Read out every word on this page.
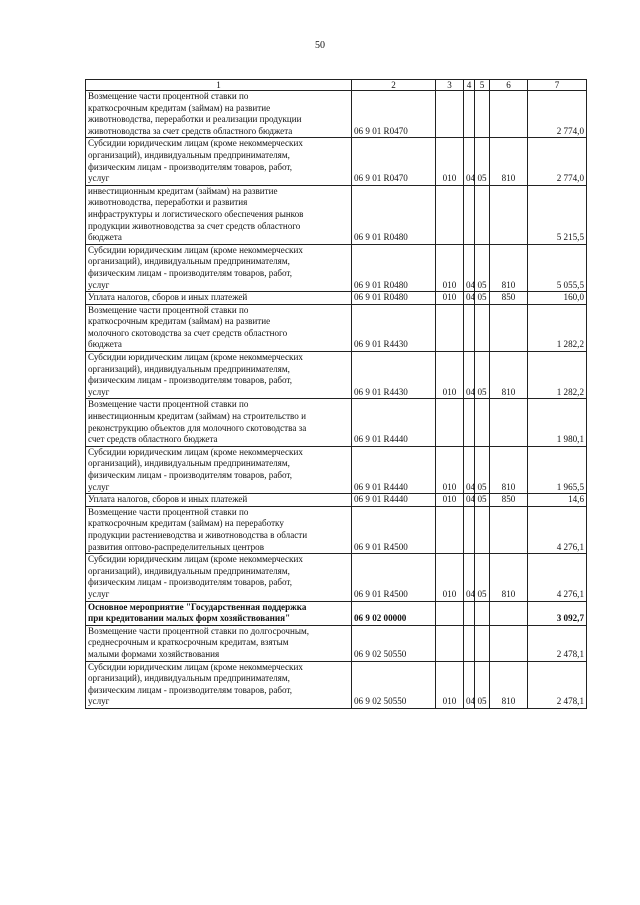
50
1	2	3	4	5	6	7

Возмещение части процентной ставки по
краткосрочным кредитам (займам) на развитие
животноводства, переработки и реализации продукции
животноводства за счет средств областного бюджета	06 9 01 R0470					2 774,0

Субсидии юридическим лицам (кроме некоммерческих
организаций), индивидуальным предпринимателям,
физическим лицам - производителям товаров, работ,
услуг	06 9 01 R0470	010	04	05	810	2 774,0

инвестиционным кредитам (займам) на развитие
животноводства, переработки и развития
инфраструктуры и логистического обеспечения рынков
продукции животноводства за счет средств областного
бюджета	06 9 01 R0480					5 215,5

Субсидии юридическим лицам (кроме некоммерческих
организаций), индивидуальным предпринимателям,
физическим лицам - производителям товаров, работ,
услуг	06 9 01 R0480	010	04	05	810	5 055,5

Уплата налогов, сборов и иных платежей	06 9 01 R0480	010	04	05	850	160,0

Возмещение части процентной ставки по
краткосрочным кредитам (займам) на развитие
молочного скотоводства за счет средств областного
бюджета	06 9 01 R4430					1 282,2

Субсидии юридическим лицам (кроме некоммерческих
организаций), индивидуальным предпринимателям,
физическим лицам - производителям товаров, работ,
услуг	06 9 01 R4430	010	04	05	810	1 282,2

Возмещение части процентной ставки по
инвестиционным кредитам (займам) на строительство и
реконструкцию объектов для молочного скотоводства за
счет средств областного бюджета	06 9 01 R4440					1 980,1

Субсидии юридическим лицам (кроме некоммерческих
организаций), индивидуальным предпринимателям,
физическим лицам - производителям товаров, работ,
услуг	06 9 01 R4440	010	04	05	810	1 965,5

Уплата налогов, сборов и иных платежей	06 9 01 R4440	010	04	05	850	14,6

Возмещение части процентной ставки по
краткосрочным кредитам (займам) на переработку
продукции растениеводства и животноводства в области
развития оптово-распределительных центров	06 9 01 R4500					4 276,1

Субсидии юридическим лицам (кроме некоммерческих
организаций), индивидуальным предпринимателям,
физическим лицам - производителям товаров, работ,
услуг	06 9 01 R4500	010	04	05	810	4 276,1

Основное мероприятие "Государственная поддержка
при кредитовании малых форм хозяйствования"	06 9 02 00000					3 092,7

Возмещение части процентной ставки по долгосрочным,
среднесрочным и краткосрочным кредитам, взятым
малыми формами хозяйствования	06 9 02 50550					2 478,1

Субсидии юридическим лицам (кроме некоммерческих
организаций), индивидуальным предпринимателям,
физическим лицам - производителям товаров, работ,
услуг	06 9 02 50550	010	04	05	810	2 478,1
